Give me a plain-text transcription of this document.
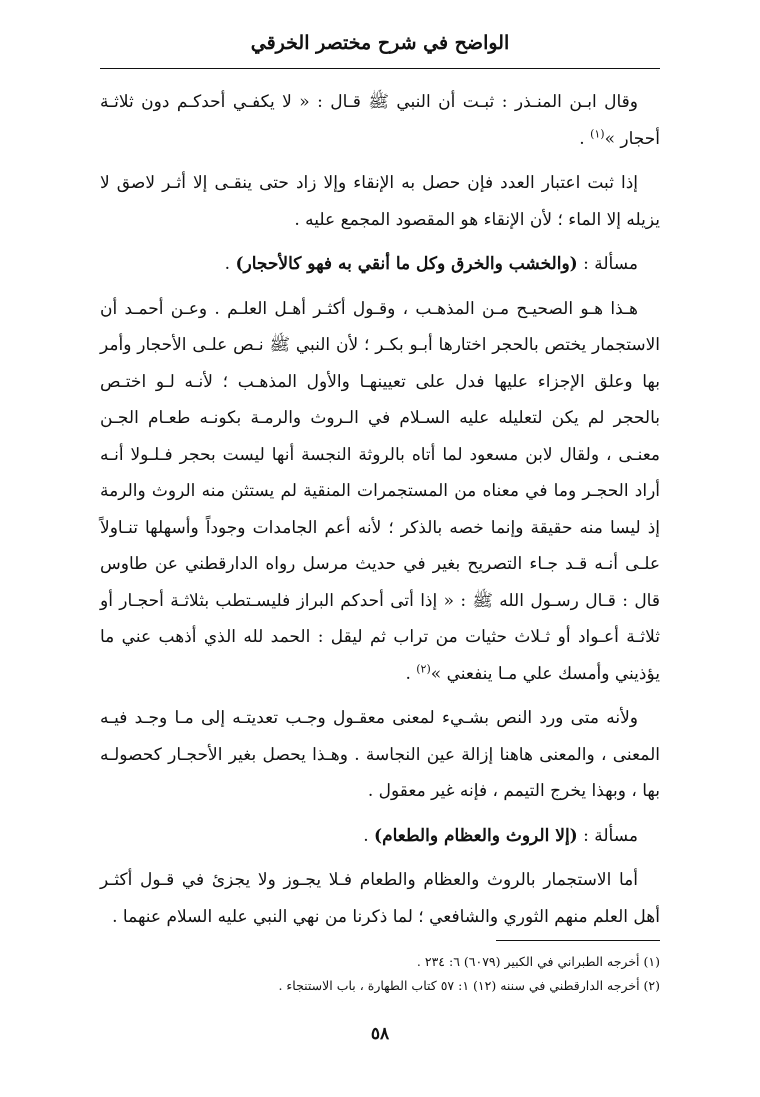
الواضح في شرح مختصر الخرقي

وقال ابـن المنـذر : ثبـت أن النبي ﷺ قـال : « لا يكفـي أحدكـم دون ثلاثـة أحجار »$^{(١)}$ .

إذا ثبت اعتبار العدد فإن حصل به الإنقاء وإلا زاد حتى ينقـى إلا أثـر لاصق لا يزيله إلا الماء ؛ لأن الإنقاء هو المقصود المجمع عليه .

مسألة : (والخشب والخرق وكل ما أنقي به فهو كالأحجار) .

هـذا هـو الصحيـح مـن المذهـب ، وقـول أكثـر أهـل العلـم . وعـن أحمـد أن الاستجمار يختص بالحجر اختارها أبـو بكـر ؛ لأن النبي ﷺ نـص علـى الأحجار وأمر بها وعلق الإجزاء عليها فدل على تعيينهـا والأول المذهـب ؛ لأنـه لـو اختـص بالحجر لم يكن لتعليله عليه السـلام في الـروث والرمـة بكونـه طعـام الجـن معنـى ، ولقال لابن مسعود لما أتاه بالروثة النجسة أنها ليست بحجر فـلـولا أنـه أراد الحجـر وما في معناه من المستجمرات المنقية لم يستثن منه الروث والرمة إذ ليسا منه حقيقة وإنما خصه بالذكر ؛ لأنه أعم الجامدات وجوداً وأسهلها تنـاولاً علـى أنـه قـد جـاء التصريح بغير في حديث مرسل رواه الدارقطني عن طاوس قال : قـال رسـول الله ﷺ : « إذا أتى أحدكم البراز فليسـتطب بثلاثـة أحجـار أو ثلاثـة أعـواد أو ثـلاث حثيات من تراب ثم ليقل : الحمد لله الذي أذهب عني ما يؤذيني وأمسك علي مـا ينفعني »$^{(٢)}$ .

ولأنه متى ورد النص بشـيء لمعنى معقـول وجـب تعديتـه إلى مـا وجـد فيـه المعنى ، والمعنى هاهنا إزالة عين النجاسة . وهـذا يحصل بغير الأحجـار كحصولـه بها ، وبهذا يخرج التيمم ، فإنه غير معقول .

مسألة : (إلا الروث والعظام والطعام) .

أما الاستجمار بالروث والعظام والطعام فـلا يجـوز ولا يجزئ في قـول أكثـر أهل العلم منهم الثوري والشافعي ؛ لما ذكرنا من نهي النبي عليه السلام عنهما .

(١) أخرجه الطبراني في الكبير (٦٠٧٩) ٦: ٢٣٤ .
(٢) أخرجه الدارقطني في سننه (١٢) ١: ٥٧ كتاب الطهارة ، باب الاستنجاء .
٥٨
